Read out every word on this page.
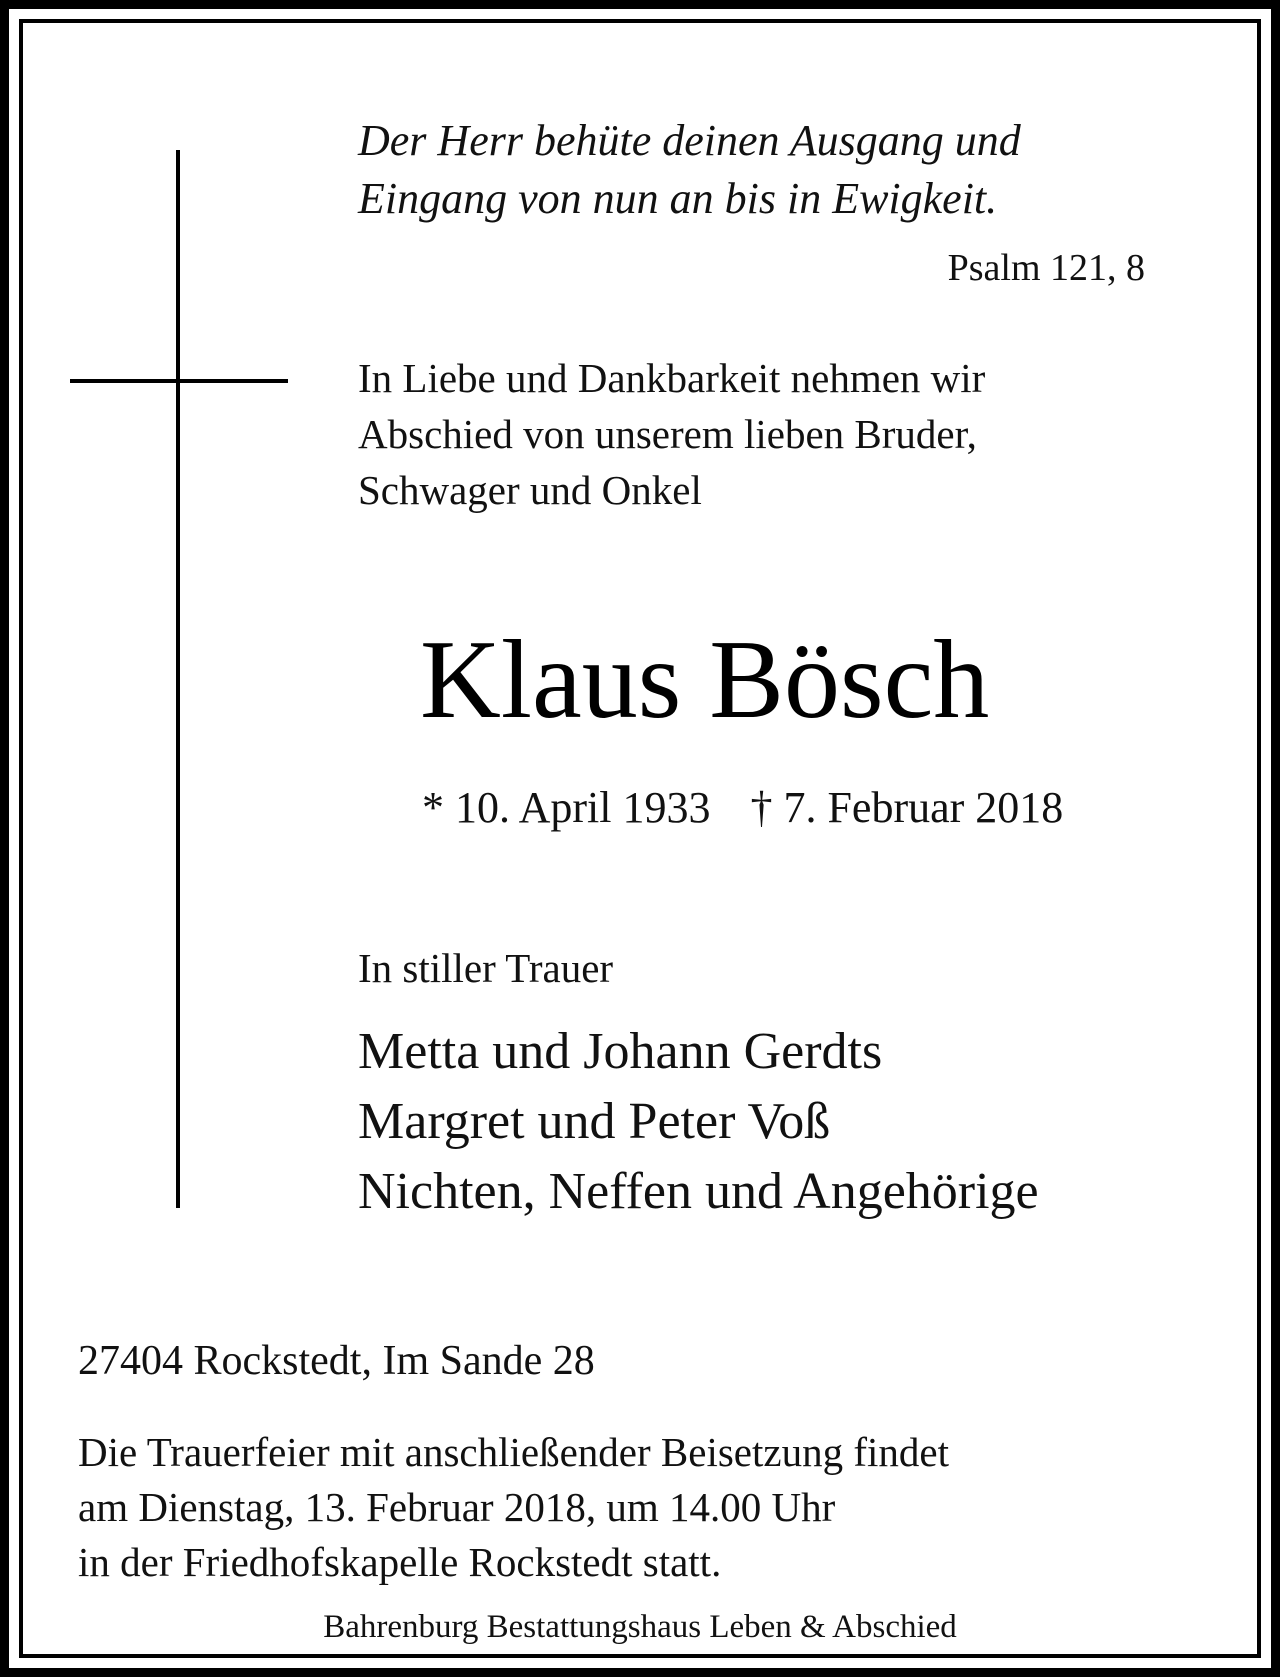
Der Herr behüte deinen Ausgang und
Eingang von nun an bis in Ewigkeit.
Psalm 121, 8
In Liebe und Dankbarkeit nehmen wir
Abschied von unserem lieben Bruder,
Schwager und Onkel
Klaus Bösch
* 10. April 1933 † 7. Februar 2018
In stiller Trauer
Metta und Johann Gerdts
Margret und Peter Voß
Nichten, Neffen und Angehörige
27404 Rockstedt, Im Sande 28
Die Trauerfeier mit anschließender Beisetzung findet
am Dienstag, 13. Februar 2018, um 14.00 Uhr
in der Friedhofskapelle Rockstedt statt.
Bahrenburg Bestattungshaus Leben & Abschied
